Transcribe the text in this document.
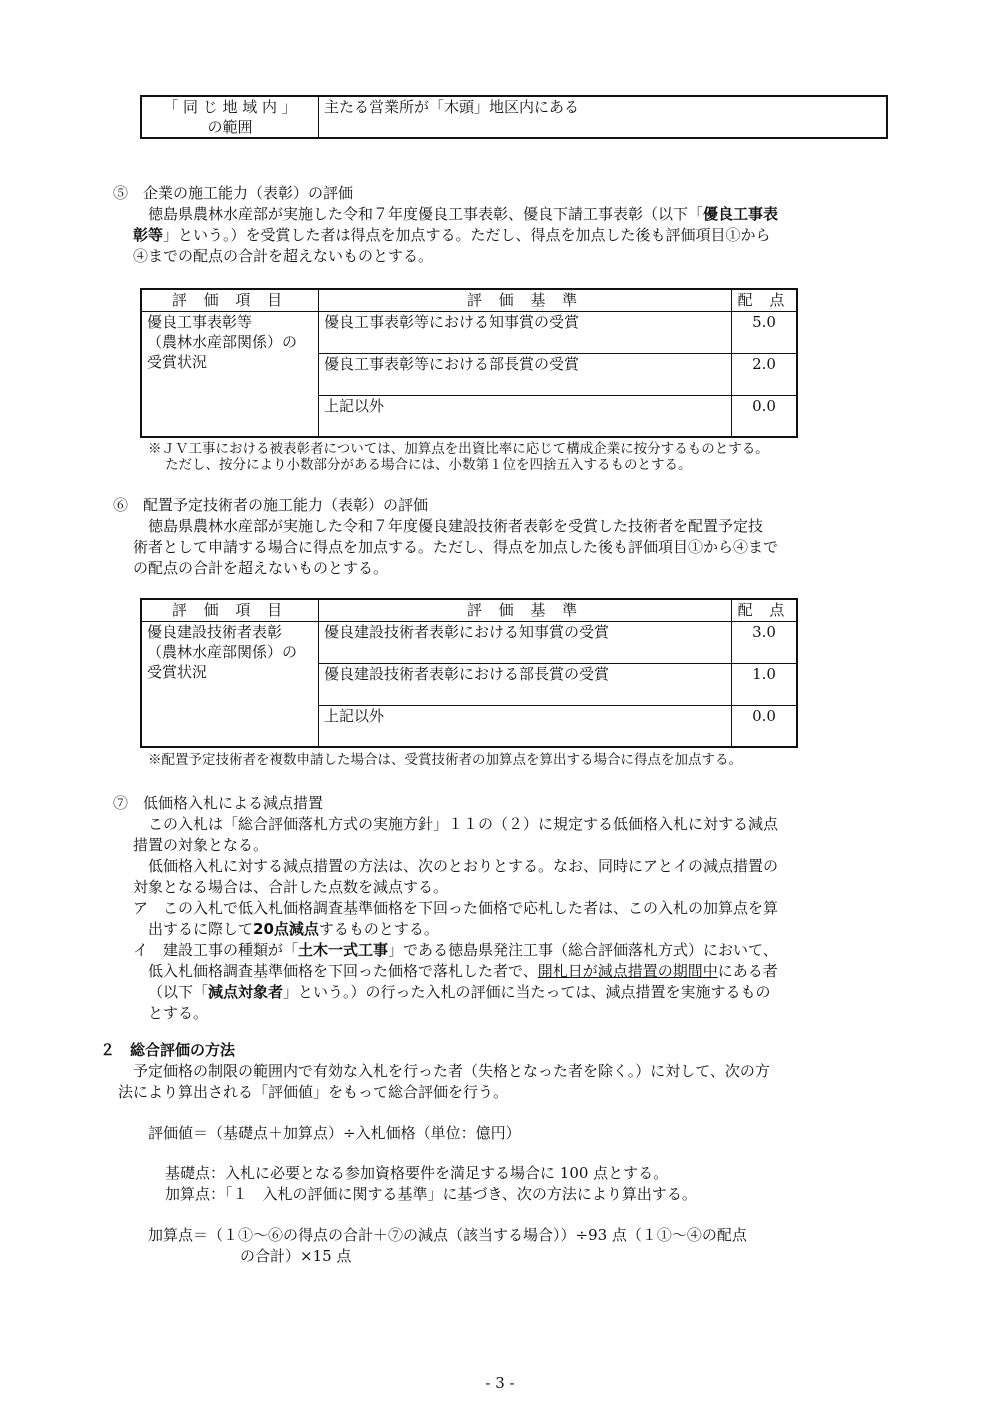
「 同 じ 地 域 内 」
の範囲
	主たる営業所が「木頭」地区内にある
⑤　企業の施工能力（表彰）の評価
徳島県農林水産部が実施した令和７年度優良工事表彰、優良下請工事表彰（以下「優良工事表
彰等」という。）を受賞した者は得点を加点する。ただし、得点を加点した後も評価項目①から
④までの配点の合計を超えないものとする。
評 価 項 目	評 価 基 準	配 点

優良工事表彰等
（農林水産部関係）の
受賞状況	優良工事表彰等における知事賞の受賞	5.0
	優良工事表彰等における部長賞の受賞	2.0
	上記以外	0.0
※ＪＶ工事における被表彰者については、加算点を出資比率に応じて構成企業に按分するものとする。
ただし、按分により小数部分がある場合には、小数第１位を四捨五入するものとする。
⑥　配置予定技術者の施工能力（表彰）の評価
徳島県農林水産部が実施した令和７年度優良建設技術者表彰を受賞した技術者を配置予定技
術者として申請する場合に得点を加点する。ただし、得点を加点した後も評価項目①から④まで
の配点の合計を超えないものとする。
評 価 項 目	評 価 基 準	配 点

優良建設技術者表彰
（農林水産部関係）の
受賞状況	優良建設技術者表彰における知事賞の受賞	3.0
	優良建設技術者表彰における部長賞の受賞	1.0
	上記以外	0.0
※配置予定技術者を複数申請した場合は、受賞技術者の加算点を算出する場合に得点を加点する。
⑦　低価格入札による減点措置
この入札は「総合評価落札方式の実施方針」１１の（２）に規定する低価格入札に対する減点
措置の対象となる。
低価格入札に対する減点措置の方法は、次のとおりとする。なお、同時にアとイの減点措置の
対象となる場合は、合計した点数を減点する。
ア　この入札で低入札価格調査基準価格を下回った価格で応札した者は、この入札の加算点を算
出するに際して20点減点するものとする。
イ　建設工事の種類が「土木一式工事」である徳島県発注工事（総合評価落札方式）において、
低入札価格調査基準価格を下回った価格で落札した者で、開札日が減点措置の期間中にある者
（以下「減点対象者」という。）の行った入札の評価に当たっては、減点措置を実施するもの
とする。
２　総合評価の方法
予定価格の制限の範囲内で有効な入札を行った者（失格となった者を除く。）に対して、次の方
法により算出される「評価値」をもって総合評価を行う。
評価値＝（基礎点＋加算点）÷入札価格（単位：億円）
基礎点：入札に必要となる参加資格要件を満足する場合に 100 点とする。
加算点：「１　入札の評価に関する基準」に基づき、次の方法により算出する。
加算点＝（１①～⑥の得点の合計＋⑦の減点（該当する場合））÷93 点（１①～④の配点
の合計）×15 点
- 3 -
